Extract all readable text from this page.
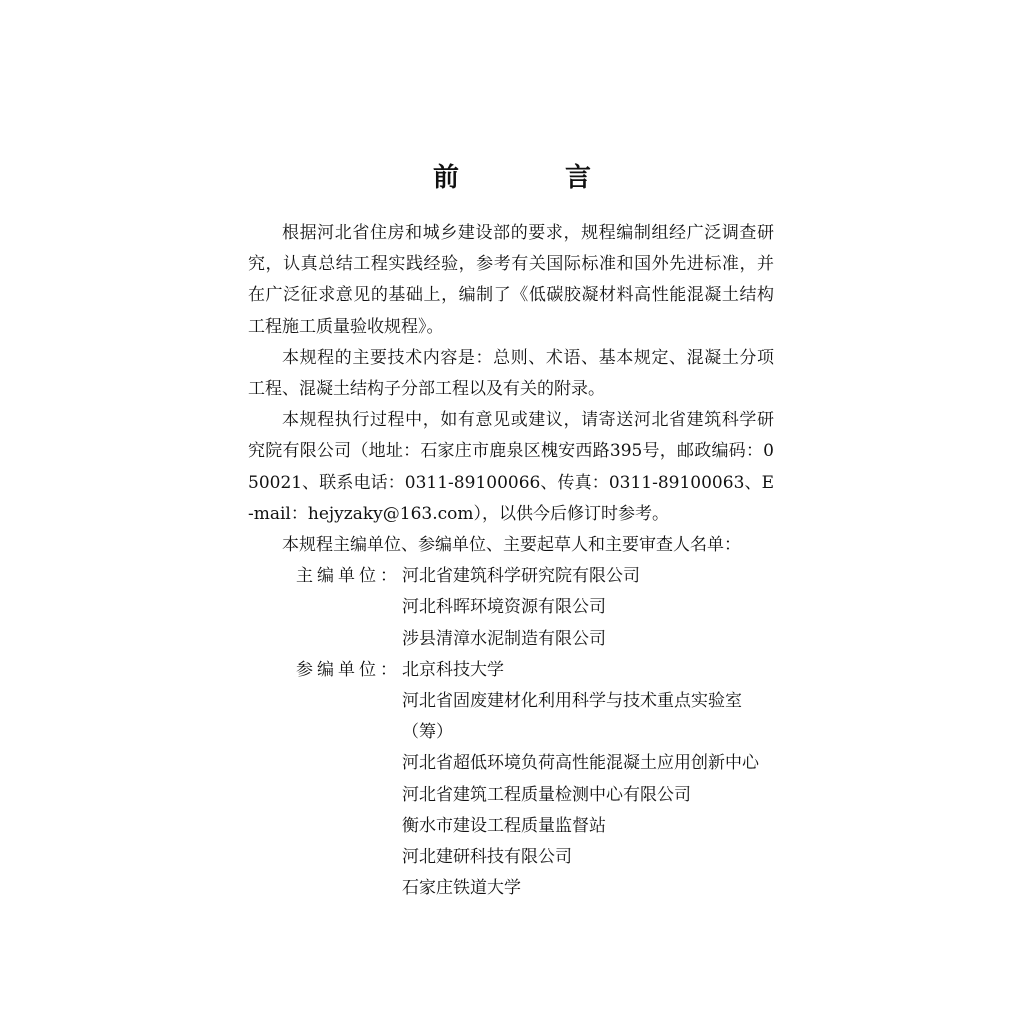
前　言

根据河北省住房和城乡建设部的要求，规程编制组经广泛调查研究，认真总结工程实践经验，参考有关国际标准和国外先进标准，并在广泛征求意见的基础上，编制了《低碳胶凝材料高性能混凝土结构工程施工质量验收规程》。

本规程的主要技术内容是：总则、术语、基本规定、混凝土分项工程、混凝土结构子分部工程以及有关的附录。

本规程执行过程中，如有意见或建议，请寄送河北省建筑科学研究院有限公司（地址：石家庄市鹿泉区槐安西路395号，邮政编码：050021、联系电话：0311-89100066、传真：0311-89100063、E-mail：hejyzaky@163.com），以供今后修订时参考。

本规程主编单位、参编单位、主要起草人和主要审查人名单：

主编单位： 河北省建筑科学研究院有限公司
河北科晖环境资源有限公司
涉县清漳水泥制造有限公司
参编单位： 北京科技大学
河北省固废建材化利用科学与技术重点实验室（筹）
河北省超低环境负荷高性能混凝土应用创新中心
河北省建筑工程质量检测中心有限公司
衡水市建设工程质量监督站
河北建研科技有限公司
石家庄铁道大学
